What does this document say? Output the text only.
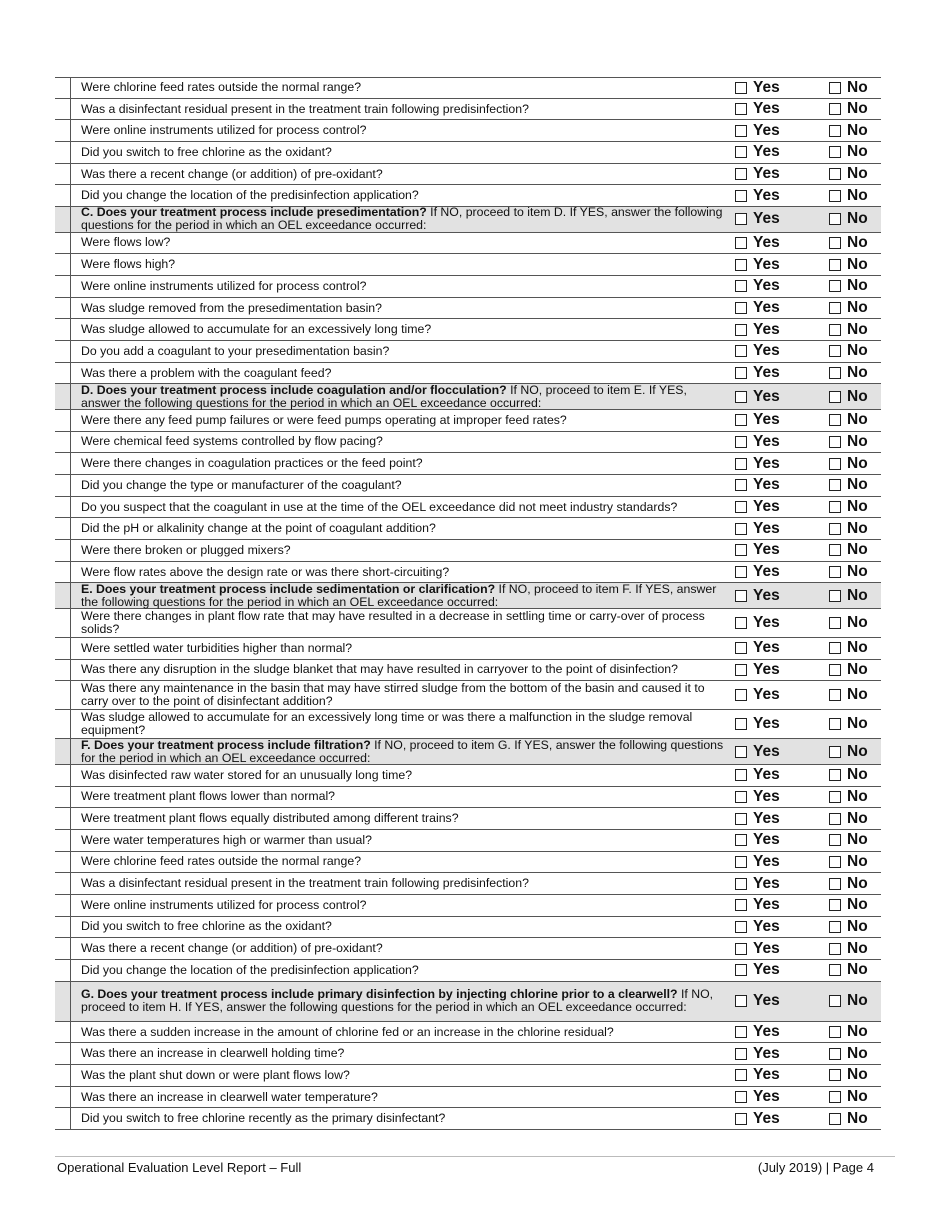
Were chlorine feed rates outside the normal range?	Yes	No
Was a disinfectant residual present in the treatment train following predisinfection?	Yes	No
Were online instruments utilized for process control?	Yes	No
Did you switch to free chlorine as the oxidant?	Yes	No
Was there a recent change (or addition) of pre-oxidant?	Yes	No
Did you change the location of the predisinfection application?	Yes	No
C. Does your treatment process include presedimentation? If NO, proceed to item D. If YES, answer the following questions for the period in which an OEL exceedance occurred:	Yes	No
Were flows low?	Yes	No
Were flows high?	Yes	No
Were online instruments utilized for process control?	Yes	No
Was sludge removed from the presedimentation basin?	Yes	No
Was sludge allowed to accumulate for an excessively long time?	Yes	No
Do you add a coagulant to your presedimentation basin?	Yes	No
Was there a problem with the coagulant feed?	Yes	No
D. Does your treatment process include coagulation and/or flocculation? If NO, proceed to item E. If YES, answer the following questions for the period in which an OEL exceedance occurred:	Yes	No
Were there any feed pump failures or were feed pumps operating at improper feed rates?	Yes	No
Were chemical feed systems controlled by flow pacing?	Yes	No
Were there changes in coagulation practices or the feed point?	Yes	No
Did you change the type or manufacturer of the coagulant?	Yes	No
Do you suspect that the coagulant in use at the time of the OEL exceedance did not meet industry standards?	Yes	No
Did the pH or alkalinity change at the point of coagulant addition?	Yes	No
Were there broken or plugged mixers?	Yes	No
Were flow rates above the design rate or was there short-circuiting?	Yes	No
E. Does your treatment process include sedimentation or clarification? If NO, proceed to item F. If YES, answer the following questions for the period in which an OEL exceedance occurred:	Yes	No
Were there changes in plant flow rate that may have resulted in a decrease in settling time or carry-over of process solids?	Yes	No
Were settled water turbidities higher than normal?	Yes	No
Was there any disruption in the sludge blanket that may have resulted in carryover to the point of disinfection?	Yes	No
Was there any maintenance in the basin that may have stirred sludge from the bottom of the basin and caused it to carry over to the point of disinfectant addition?	Yes	No
Was sludge allowed to accumulate for an excessively long time or was there a malfunction in the sludge removal equipment?	Yes	No
F. Does your treatment process include filtration? If NO, proceed to item G. If YES, answer the following questions for the period in which an OEL exceedance occurred:	Yes	No
Was disinfected raw water stored for an unusually long time?	Yes	No
Were treatment plant flows lower than normal?	Yes	No
Were treatment plant flows equally distributed among different trains?	Yes	No
Were water temperatures high or warmer than usual?	Yes	No
Were chlorine feed rates outside the normal range?	Yes	No
Was a disinfectant residual present in the treatment train following predisinfection?	Yes	No
Were online instruments utilized for process control?	Yes	No
Did you switch to free chlorine as the oxidant?	Yes	No
Was there a recent change (or addition) of pre-oxidant?	Yes	No
Did you change the location of the predisinfection application?	Yes	No
G. Does your treatment process include primary disinfection by injecting chlorine prior to a clearwell? If NO, proceed to item H. If YES, answer the following questions for the period in which an OEL exceedance occurred:	Yes	No
Was there a sudden increase in the amount of chlorine fed or an increase in the chlorine residual?	Yes	No
Was there an increase in clearwell holding time?	Yes	No
Was the plant shut down or were plant flows low?	Yes	No
Was there an increase in clearwell water temperature?	Yes	No
Did you switch to free chlorine recently as the primary disinfectant?	Yes	No
Operational Evaluation Level Report – Full	(July 2019) | Page 4
